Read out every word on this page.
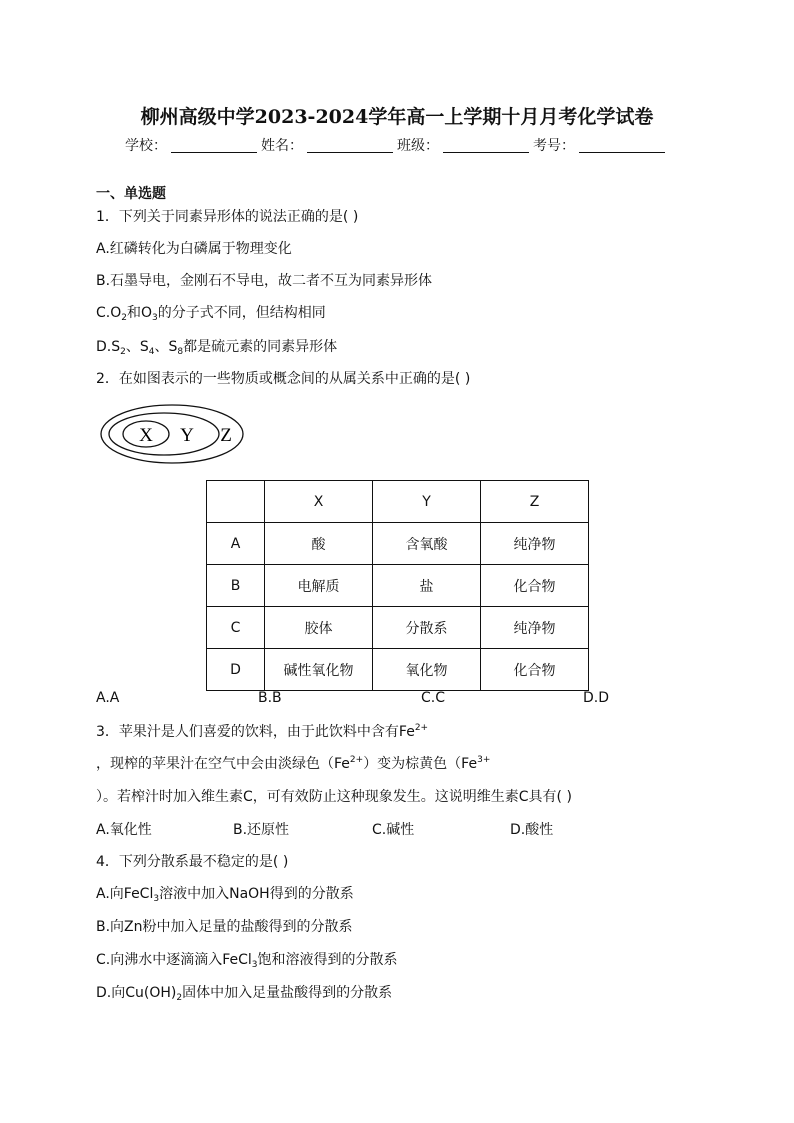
柳州高级中学2023-2024学年高一上学期十月月考化学试卷
学校：	姓名：	班级：	考号：
一、单选题
1．下列关于同素异形体的说法正确的是( )
A.红磷转化为白磷属于物理变化
B.石墨导电，金刚石不导电，故二者不互为同素异形体
$C.O_2$和$O_3$的分子式不同，但结构相同
$D.S_2$、$S_4$、$S_8$都是硫元素的同素异形体
2．在如图表示的一些物质或概念间的从属关系中正确的是( )
X Y Z
	X	Y	Z
A	酸	含氧酸	纯净物
B	电解质	盐	化合物
C	胶体	分散系	纯净物
D	碱性氧化物	氧化物	化合物
A.A	B.B	C.C	D.D
3．苹果汁是人们喜爱的饮料，由于此饮料中含有$Fe^{2+}$
，现榨的苹果汁在空气中会由淡绿色$(Fe^{2+})$变为棕黄色（$Fe^{3+}$
）。若榨汁时加入维生素C，可有效防止这种现象发生。这说明维生素C具有( )
A.氧化性	B.还原性	C.碱性	D.酸性
4．下列分散系最不稳定的是( )
A.向FeCl$_3$溶液中加入NaOH得到的分散系
B.向Zn粉中加入足量的盐酸得到的分散系
C.向沸水中逐滴滴入FeCl$_3$饱和溶液得到的分散系
D.向$Cu(OH)_2$固体中加入足量盐酸得到的分散系
